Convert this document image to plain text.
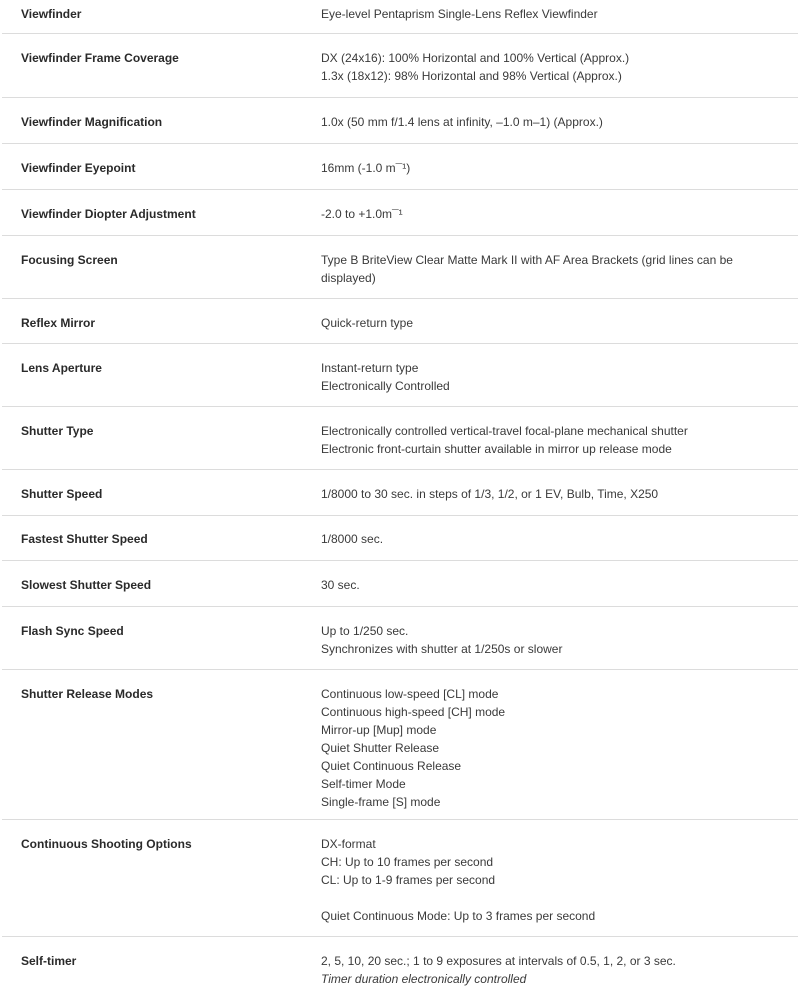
Viewfinder	Eye-level Pentaprism Single-Lens Reflex Viewfinder
Viewfinder Frame Coverage	DX (24x16): 100% Horizontal and 100% Vertical (Approx.)
1.3x (18x12): 98% Horizontal and 98% Vertical (Approx.)
Viewfinder Magnification	1.0x (50 mm f/1.4 lens at infinity, –1.0 m–1) (Approx.)
Viewfinder Eyepoint	16mm (-1.0 m¯¹)
Viewfinder Diopter Adjustment	-2.0 to +1.0m¯¹
Focusing Screen	Type B BriteView Clear Matte Mark II with AF Area Brackets (grid lines can be displayed)
Reflex Mirror	Quick-return type
Lens Aperture	Instant-return type
Electronically Controlled
Shutter Type	Electronically controlled vertical-travel focal-plane mechanical shutter
Electronic front-curtain shutter available in mirror up release mode
Shutter Speed	1/8000 to 30 sec. in steps of 1/3, 1/2, or 1 EV, Bulb, Time, X250
Fastest Shutter Speed	1/8000 sec.
Slowest Shutter Speed	30 sec.
Flash Sync Speed	Up to 1/250 sec.
Synchronizes with shutter at 1/250s or slower
Shutter Release Modes	Continuous low-speed [CL] mode
Continuous high-speed [CH] mode
Mirror-up [Mup] mode
Quiet Shutter Release
Quiet Continuous Release
Self-timer Mode
Single-frame [S] mode
Continuous Shooting Options	DX-format
CH: Up to 10 frames per second
CL: Up to 1-9 frames per second
Quiet Continuous Mode: Up to 3 frames per second
Self-timer	2, 5, 10, 20 sec.; 1 to 9 exposures at intervals of 0.5, 1, 2, or 3 sec.
Timer duration electronically controlled
